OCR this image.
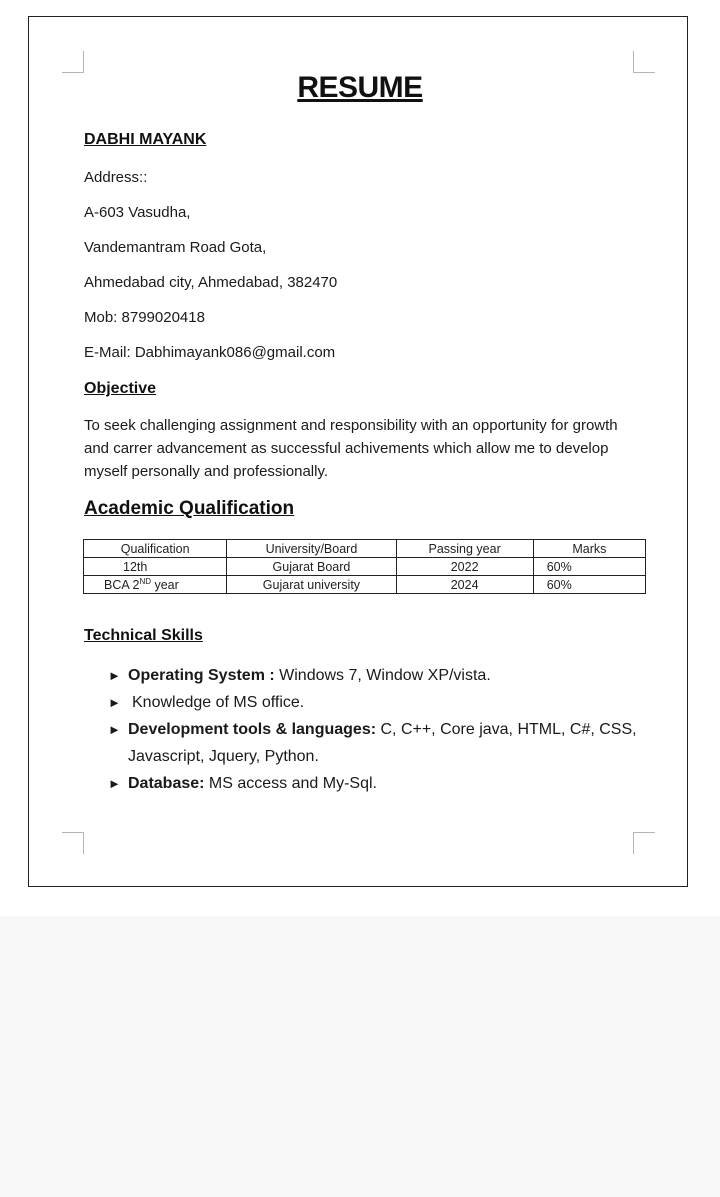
RESUME
DABHI MAYANK
Address::
A-603 Vasudha,
Vandemantram Road Gota,
Ahmedabad city, Ahmedabad, 382470
Mob: 8799020418
E-Mail: Dabhimayank086@gmail.com
Objective
To seek challenging assignment and responsibility with an opportunity for growth and carrer advancement as successful achivements which allow me to develop myself personally and professionally.
Academic Qualification
Qualification	University/Board	Passing year	Marks
12th	Gujarat Board	2022	60%
BCA 2ND year	Gujarat university	2024	60%
Technical Skills
► Operating System : Windows 7, Window XP/vista.
► Knowledge of MS office.
► Development tools & languages: C, C++, Core java, HTML, C#, CSS, Javascript, Jquery, Python.
► Database: MS access and My-Sql.
